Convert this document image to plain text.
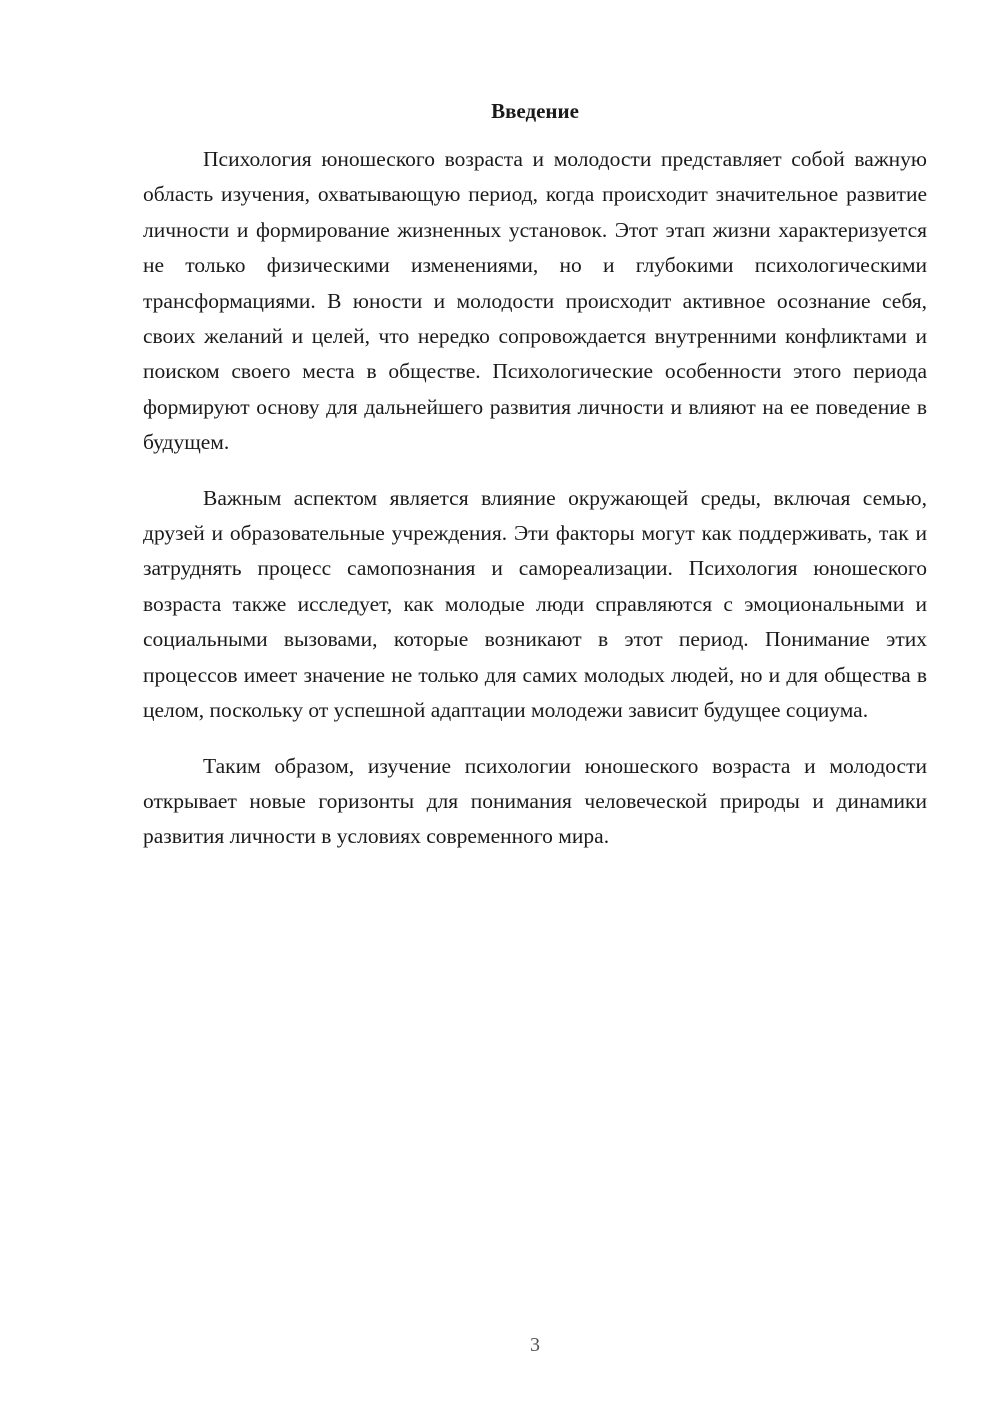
Введение

Психология юношеского возраста и молодости представляет собой важную область изучения, охватывающую период, когда происходит значительное развитие личности и формирование жизненных установок. Этот этап жизни характеризуется не только физическими изменениями, но и глубокими психологическими трансформациями. В юности и молодости происходит активное осознание себя, своих желаний и целей, что нередко сопровождается внутренними конфликтами и поиском своего места в обществе. Психологические особенности этого периода формируют основу для дальнейшего развития личности и влияют на ее поведение в будущем.

Важным аспектом является влияние окружающей среды, включая семью, друзей и образовательные учреждения. Эти факторы могут как поддерживать, так и затруднять процесс самопознания и самореализации. Психология юношеского возраста также исследует, как молодые люди справляются с эмоциональными и социальными вызовами, которые возникают в этот период. Понимание этих процессов имеет значение не только для самих молодых людей, но и для общества в целом, поскольку от успешной адаптации молодежи зависит будущее социума.

Таким образом, изучение психологии юношеского возраста и молодости открывает новые горизонты для понимания человеческой природы и динамики развития личности в условиях современного мира.

3
